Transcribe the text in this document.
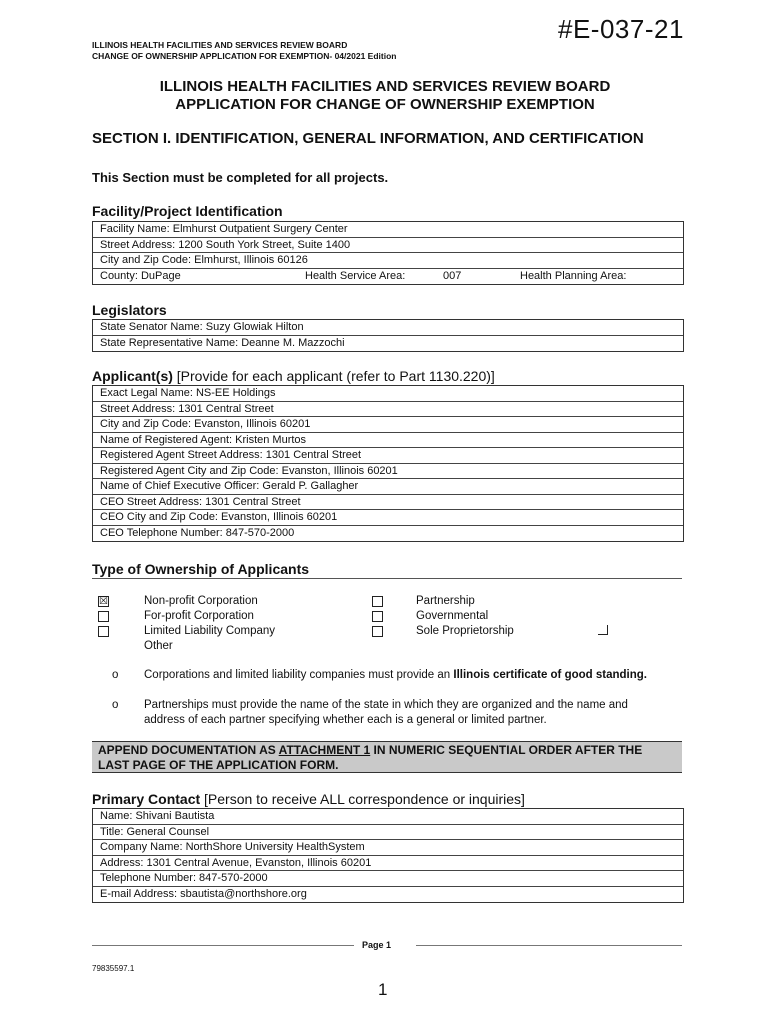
#E-037-21
ILLINOIS HEALTH FACILITIES AND SERVICES REVIEW BOARD
CHANGE OF OWNERSHIP APPLICATION FOR EXEMPTION- 04/2021 Edition
ILLINOIS HEALTH FACILITIES AND SERVICES REVIEW BOARD
APPLICATION FOR CHANGE OF OWNERSHIP EXEMPTION
SECTION I. IDENTIFICATION, GENERAL INFORMATION, AND CERTIFICATION
This Section must be completed for all projects.
Facility/Project Identification
Facility Name: Elmhurst Outpatient Surgery Center
Street Address: 1200 South York Street, Suite 1400
City and Zip Code: Elmhurst, Illinois 60126
County: DuPage	Health Service Area:	007	Health Planning Area:
Legislators
State Senator Name: Suzy Glowiak Hilton
State Representative Name: Deanne M. Mazzochi
Applicant(s) [Provide for each applicant (refer to Part 1130.220)]
Exact Legal Name: NS-EE Holdings
Street Address: 1301 Central Street
City and Zip Code: Evanston, Illinois 60201
Name of Registered Agent: Kristen Murtos
Registered Agent Street Address: 1301 Central Street
Registered Agent City and Zip Code: Evanston, Illinois 60201
Name of Chief Executive Officer: Gerald P. Gallagher
CEO Street Address: 1301 Central Street
CEO City and Zip Code: Evanston, Illinois 60201
CEO Telephone Number: 847-570-2000
Type of Ownership of Applicants
☒	Non-profit Corporation
For-profit Corporation
Limited Liability Company
Other
Partnership
Governmental
Sole Proprietorship
o Corporations and limited liability companies must provide an Illinois certificate of good standing.
o Partnerships must provide the name of the state in which they are organized and the name and address of each partner specifying whether each is a general or limited partner.
APPEND DOCUMENTATION AS ATTACHMENT 1 IN NUMERIC SEQUENTIAL ORDER AFTER THE LAST PAGE OF THE APPLICATION FORM.
Primary Contact [Person to receive ALL correspondence or inquiries]
Name: Shivani Bautista
Title: General Counsel
Company Name: NorthShore University HealthSystem
Address: 1301 Central Avenue, Evanston, Illinois 60201
Telephone Number: 847-570-2000
E-mail Address: sbautista@northshore.org
Page 1
79835597.1
1
